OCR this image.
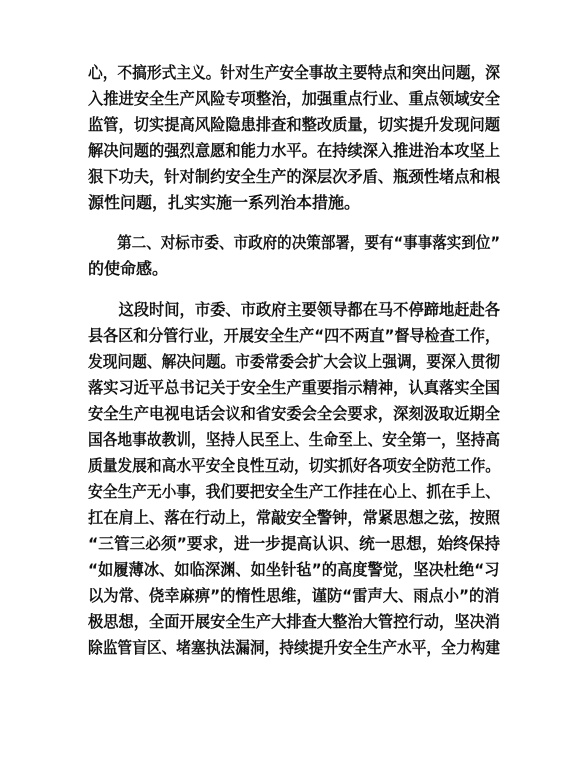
心，不搞形式主义。针对生产安全事故主要特点和突出问题，深
入推进安全生产风险专项整治，加强重点行业、重点领域安全
监管，切实提高风险隐患排查和整改质量，切实提升发现问题
解决问题的强烈意愿和能力水平。在持续深入推进治本攻坚上
狠下功夫，针对制约安全生产的深层次矛盾、瓶颈性堵点和根
源性问题，扎实实施一系列治本措施。
　　第二、对标市委、市政府的决策部署，要有“事事落实到位”
的使命感。
　　这段时间，市委、市政府主要领导都在马不停蹄地赶赴各
县各区和分管行业，开展安全生产“四不两直”督导检查工作，
发现问题、解决问题。市委常委会扩大会议上强调，要深入贯彻
落实习近平总书记关于安全生产重要指示精神，认真落实全国
安全生产电视电话会议和省安委会全会要求，深刻汲取近期全
国各地事故教训，坚持人民至上、生命至上、安全第一，坚持高
质量发展和高水平安全良性互动，切实抓好各项安全防范工作。
安全生产无小事，我们要把安全生产工作挂在心上、抓在手上、
扛在肩上、落在行动上，常敲安全警钟，常紧思想之弦，按照
“三管三必须”要求，进一步提高认识、统一思想，始终保持
“如履薄冰、如临深渊、如坐针毡”的高度警觉，坚决杜绝“习
以为常、侥幸麻痹”的惰性思维，谨防“雷声大、雨点小”的消
极思想，全面开展安全生产大排查大整治大管控行动，坚决消
除监管盲区、堵塞执法漏洞，持续提升安全生产水平，全力构建
